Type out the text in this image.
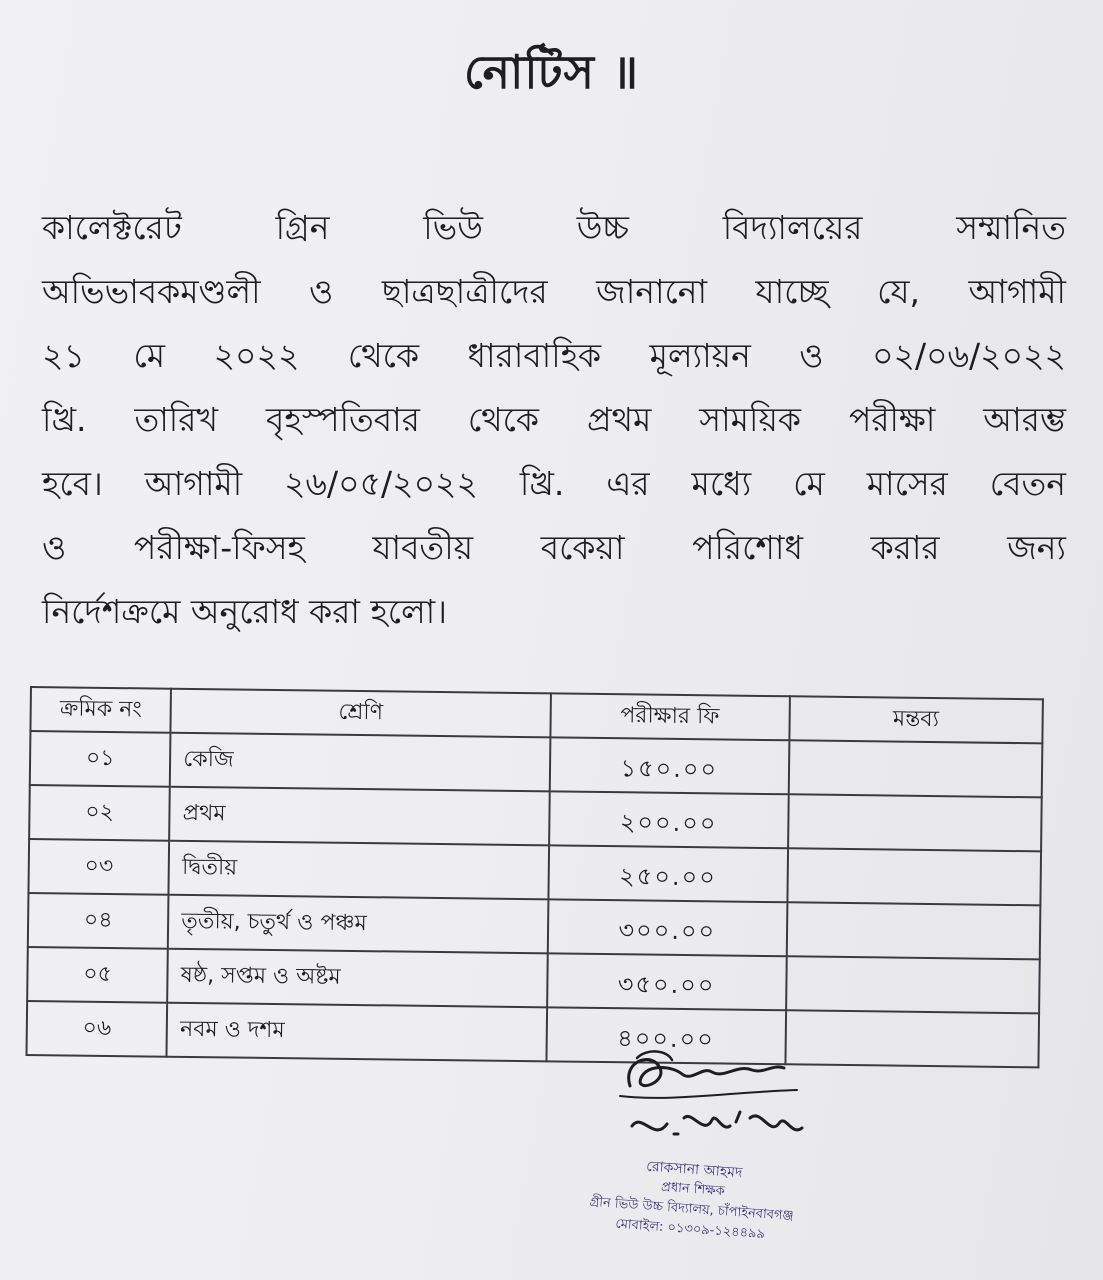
নোটিস ॥
কালেক্টরেট গ্রিন ভিউ উচ্চ বিদ্যালয়ের সম্মানিত
অভিভাবকমণ্ডলী ও ছাত্রছাত্রীদের জানানো যাচ্ছে যে, আগামী
২১ মে ২০২২ থেকে ধারাবাহিক মূল্যায়ন ও ০২/০৬/২০২২
খ্রি. তারিখ বৃহস্পতিবার থেকে প্রথম সাময়িক পরীক্ষা আরম্ভ
হবে। আগামী ২৬/০৫/২০২২ খ্রি. এর মধ্যে মে মাসের বেতন
ও পরীক্ষা-ফিসহ যাবতীয় বকেয়া পরিশোধ করার জন্য
নির্দেশক্রমে অনুরোধ করা হলো।
ক্রমিক নং	শ্রেণি	পরীক্ষার ফি	মন্তব্য
০১	কেজি	১৫০.০০	
০২	প্রথম	২০০.০০	
০৩	দ্বিতীয়	২৫০.০০	
০৪	তৃতীয়, চতুর্থ ও পঞ্চম	৩০০.০০	
০৫	ষষ্ঠ, সপ্তম ও অষ্টম	৩৫০.০০	
০৬	নবম ও দশম	৪০০.০০	
রোকসানা আহমদ
প্রধান শিক্ষক
গ্রীন ভিউ উচ্চ বিদ্যালয়, চাঁপাইনবাবগঞ্জ
মোবাইল: ০১৩০৯-১২৪৪৯৯
